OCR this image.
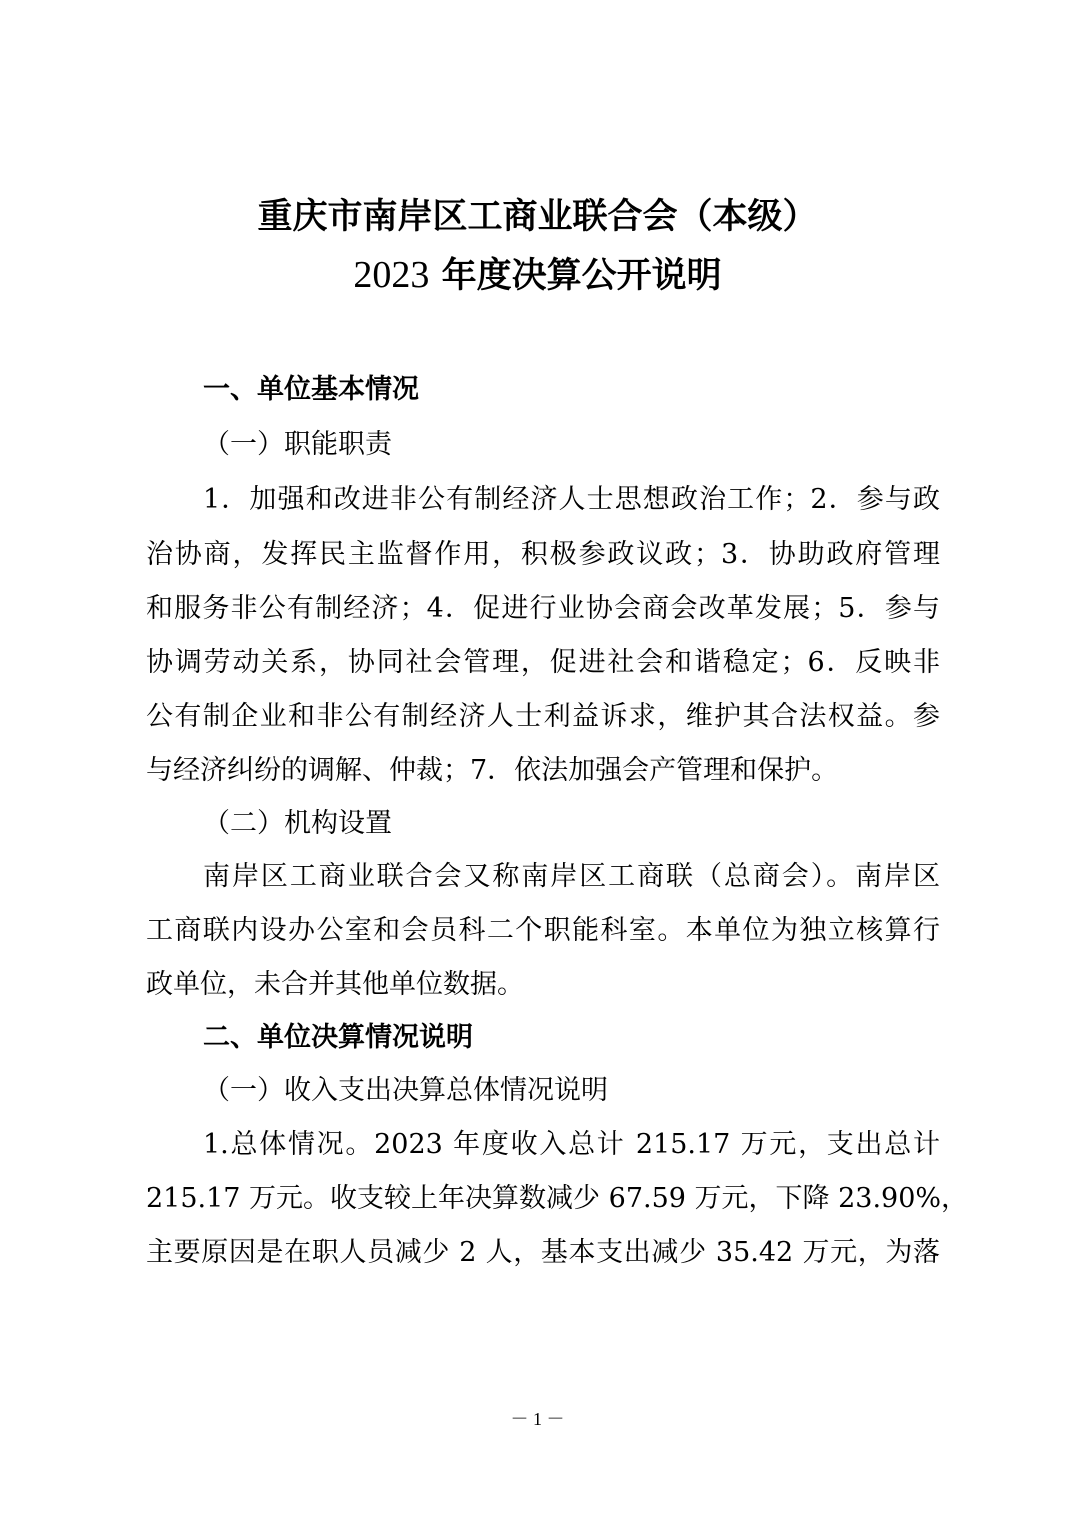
重庆市南岸区工商业联合会（本级）
2023 年度决算公开说明
一、单位基本情况
（一）职能职责
1．加强和改进非公有制经济人士思想政治工作；2．参与政
治协商，发挥民主监督作用，积极参政议政；3．协助政府管理
和服务非公有制经济；4．促进行业协会商会改革发展；5．参与
协调劳动关系，协同社会管理，促进社会和谐稳定；6．反映非
公有制企业和非公有制经济人士利益诉求，维护其合法权益。参
与经济纠纷的调解、仲裁；7．依法加强会产管理和保护。
（二）机构设置
南岸区工商业联合会又称南岸区工商联（总商会）。南岸区
工商联内设办公室和会员科二个职能科室。本单位为独立核算行
政单位，未合并其他单位数据。
二、单位决算情况说明
（一）收入支出决算总体情况说明
1.总体情况。2023 年度收入总计 215.17 万元，支出总计
215.17 万元。收支较上年决算数减少 67.59 万元，下降 23.90%，
主要原因是在职人员减少 2 人，基本支出减少 35.42 万元，为落
－ 1 －
